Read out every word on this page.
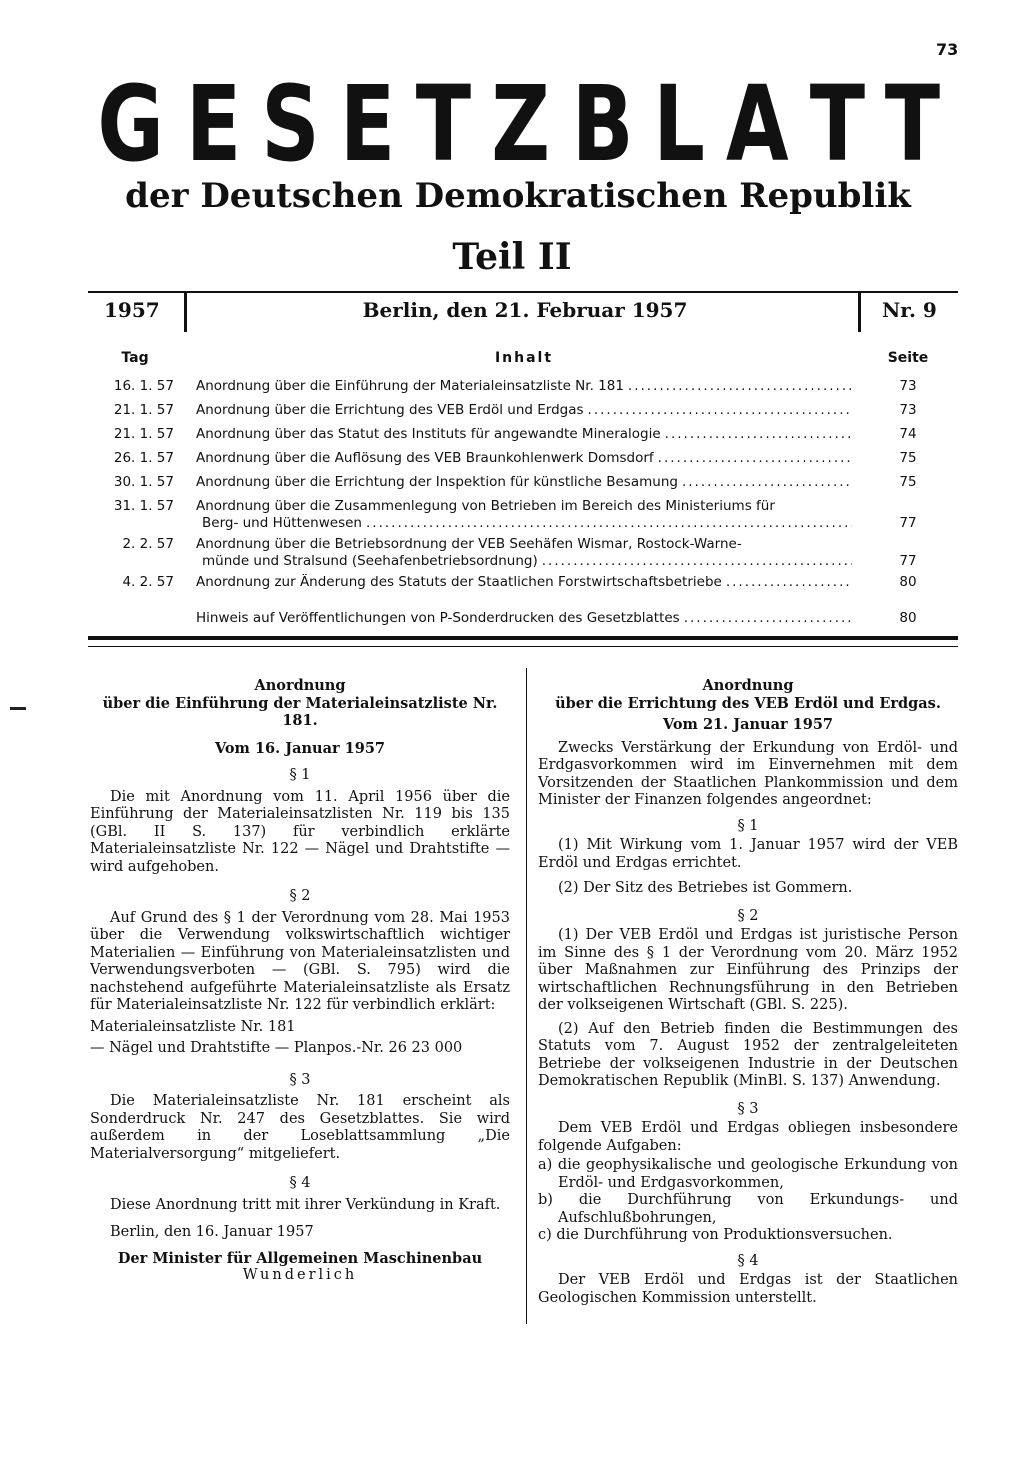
73
G E S E T Z B L A T T
der Deutschen Demokratischen Republik
Teil II
1957	Berlin, den 21. Februar 1957	Nr. 9
Tag	Inhalt	Seite
16. 1. 57 Anordnung über die Einführung der Materialeinsatzliste Nr. 181 .....	73
21. 1. 57 Anordnung über die Errichtung des VEB Erdöl und Erdgas .....	73
21. 1. 57 Anordnung über das Statut des Instituts für angewandte Mineralogie .....	74
26. 1. 57 Anordnung über die Auflösung des VEB Braunkohlenwerk Domsdorf .....	75
30. 1. 57 Anordnung über die Errichtung der Inspektion für künstliche Besamung .....	75
31. 1. 57 Anordnung über die Zusammenlegung von Betrieben im Bereich des Ministeriums für
Berg- und Hüttenwesen .....	77
2. 2. 57 Anordnung über die Betriebsordnung der VEB Seehäfen Wismar, Rostock-Warne-
münde und Stralsund (Seehafenbetriebsordnung) .....	77
4. 2. 57 Anordnung zur Änderung des Statuts der Staatlichen Forstwirtschaftsbetriebe .....	80
Hinweis auf Veröffentlichungen von P-Sonderdrucken des Gesetzblattes .....	80
Anordnung
über die Einführung der Materialeinsatzliste Nr. 181.
Vom 16. Januar 1957
§ 1

Die mit Anordnung vom 11. April 1956 über die Einführung der Materialeinsatzlisten Nr. 119 bis 135 (GBl. II S. 137) für verbindlich erklärte Materialeinsatzliste Nr. 122 — Nägel und Drahtstifte — wird aufgehoben.

§ 2

Auf Grund des § 1 der Verordnung vom 28. Mai 1953 über die Verwendung volkswirtschaftlich wichtiger Materialien — Einführung von Materialeinsatzlisten und Verwendungsverboten — (GBl. S. 795) wird die nachstehend aufgeführte Materialeinsatzliste als Ersatz für Materialeinsatzliste Nr. 122 für verbindlich erklärt:

Materialeinsatzliste Nr. 181
— Nägel und Drahtstifte — Planpos.-Nr. 26 23 000
§ 3

Die Materialeinsatzliste Nr. 181 erscheint als Sonderdruck Nr. 247 des Gesetzblattes. Sie wird außerdem in der Loseblattsammlung „Die Materialversorgung“ mitgeliefert.

§ 4

Diese Anordnung tritt mit ihrer Verkündung in Kraft.

Berlin, den 16. Januar 1957

Der Minister für Allgemeinen Maschinenbau
Wunderlich
Anordnung
über die Errichtung des VEB Erdöl und Erdgas.
Vom 21. Januar 1957

Zwecks Verstärkung der Erkundung von Erdöl- und Erdgasvorkommen wird im Einvernehmen mit dem Vorsitzenden der Staatlichen Plankommission und dem Minister der Finanzen folgendes angeordnet:

§ 1

(1) Mit Wirkung vom 1. Januar 1957 wird der VEB Erdöl und Erdgas errichtet.

(2) Der Sitz des Betriebes ist Gommern.

§ 2

(1) Der VEB Erdöl und Erdgas ist juristische Person im Sinne des § 1 der Verordnung vom 20. März 1952 über Maßnahmen zur Einführung des Prinzips der wirtschaftlichen Rechnungsführung in den Betrieben der volkseigenen Wirtschaft (GBl. S. 225).

(2) Auf den Betrieb finden die Bestimmungen des Statuts vom 7. August 1952 der zentralgeleiteten Betriebe der volkseigenen Industrie in der Deutschen Demokratischen Republik (MinBl. S. 137) Anwendung.

§ 3

Dem VEB Erdöl und Erdgas obliegen insbesondere folgende Aufgaben:

a) die geophysikalische und geologische Erkundung von Erdöl- und Erdgasvorkommen,
b) die Durchführung von Erkundungs- und Aufschlußbohrungen,
c) die Durchführung von Produktionsversuchen.
§ 4

Der VEB Erdöl und Erdgas ist der Staatlichen Geologischen Kommission unterstellt.
